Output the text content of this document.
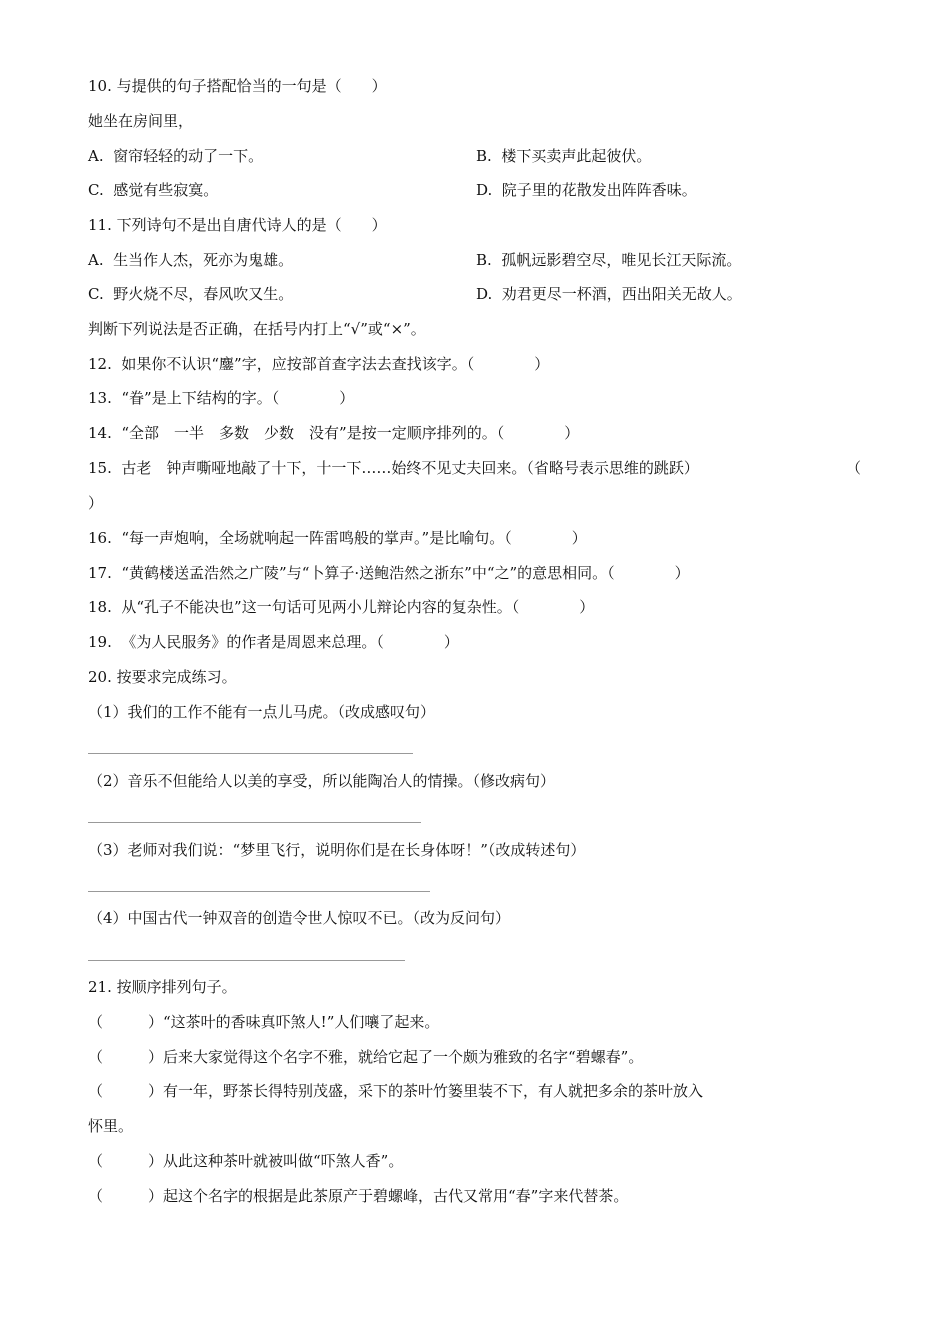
10. 与提供的句子搭配恰当的一句是（　　）
她坐在房间里，
A.  窗帘轻轻的动了一下。	B.  楼下买卖声此起彼伏。
C.  感觉有些寂寞。	D.  院子里的花散发出阵阵香味。
11. 下列诗句不是出自唐代诗人的是（　　）
A.  生当作人杰，死亦为鬼雄。	B.  孤帆远影碧空尽，唯见长江天际流。
C.  野火烧不尽，春风吹又生。	D.  劝君更尽一杯酒，西出阳关无故人。
判断下列说法是否正确，在括号内打上“√”或“×”。
12.  如果你不认识“鏖”字，应按部首查字法去查找该字。（　　　　）
13.  “眷”是上下结构的字。（　　　　）
14.  “全部　一半　多数　少数　没有”是按一定顺序排列的。（　　　　）
15.  古老　钟声嘶哑地敲了十下，十一下……始终不见丈夫回来。（省略号表示思维的跳跃）	（
）
16.  “每一声炮响，全场就响起一阵雷鸣般的掌声。”是比喻句。（　　　　）
17.  “黄鹤楼送孟浩然之广陵”与“卜算子·送鲍浩然之浙东”中“之”的意思相同。（　　　　）
18.  从“孔子不能决也”这一句话可见两小儿辩论内容的复杂性。（　　　　）
19.  《为人民服务》的作者是周恩来总理。（　　　　）
20. 按要求完成练习。
（1）我们的工作不能有一点儿马虎。（改成感叹句）
（2）音乐不但能给人以美的享受，所以能陶冶人的情操。（修改病句）
（3）老师对我们说：“梦里飞行，说明你们是在长身体呀！”（改成转述句）
（4）中国古代一钟双音的创造令世人惊叹不已。（改为反问句）
21. 按顺序排列句子。
（　　　）“这茶叶的香味真吓煞人!”人们嚷了起来。
（　　　）后来大家觉得这个名字不雅，就给它起了一个颇为雅致的名字“碧螺春”。
（　　　）有一年，野茶长得特别茂盛，采下的茶叶竹篓里装不下，有人就把多余的茶叶放入
怀里。
（　　　）从此这种茶叶就被叫做“吓煞人香”。
（　　　）起这个名字的根据是此茶原产于碧螺峰，古代又常用“春”字来代替茶。
